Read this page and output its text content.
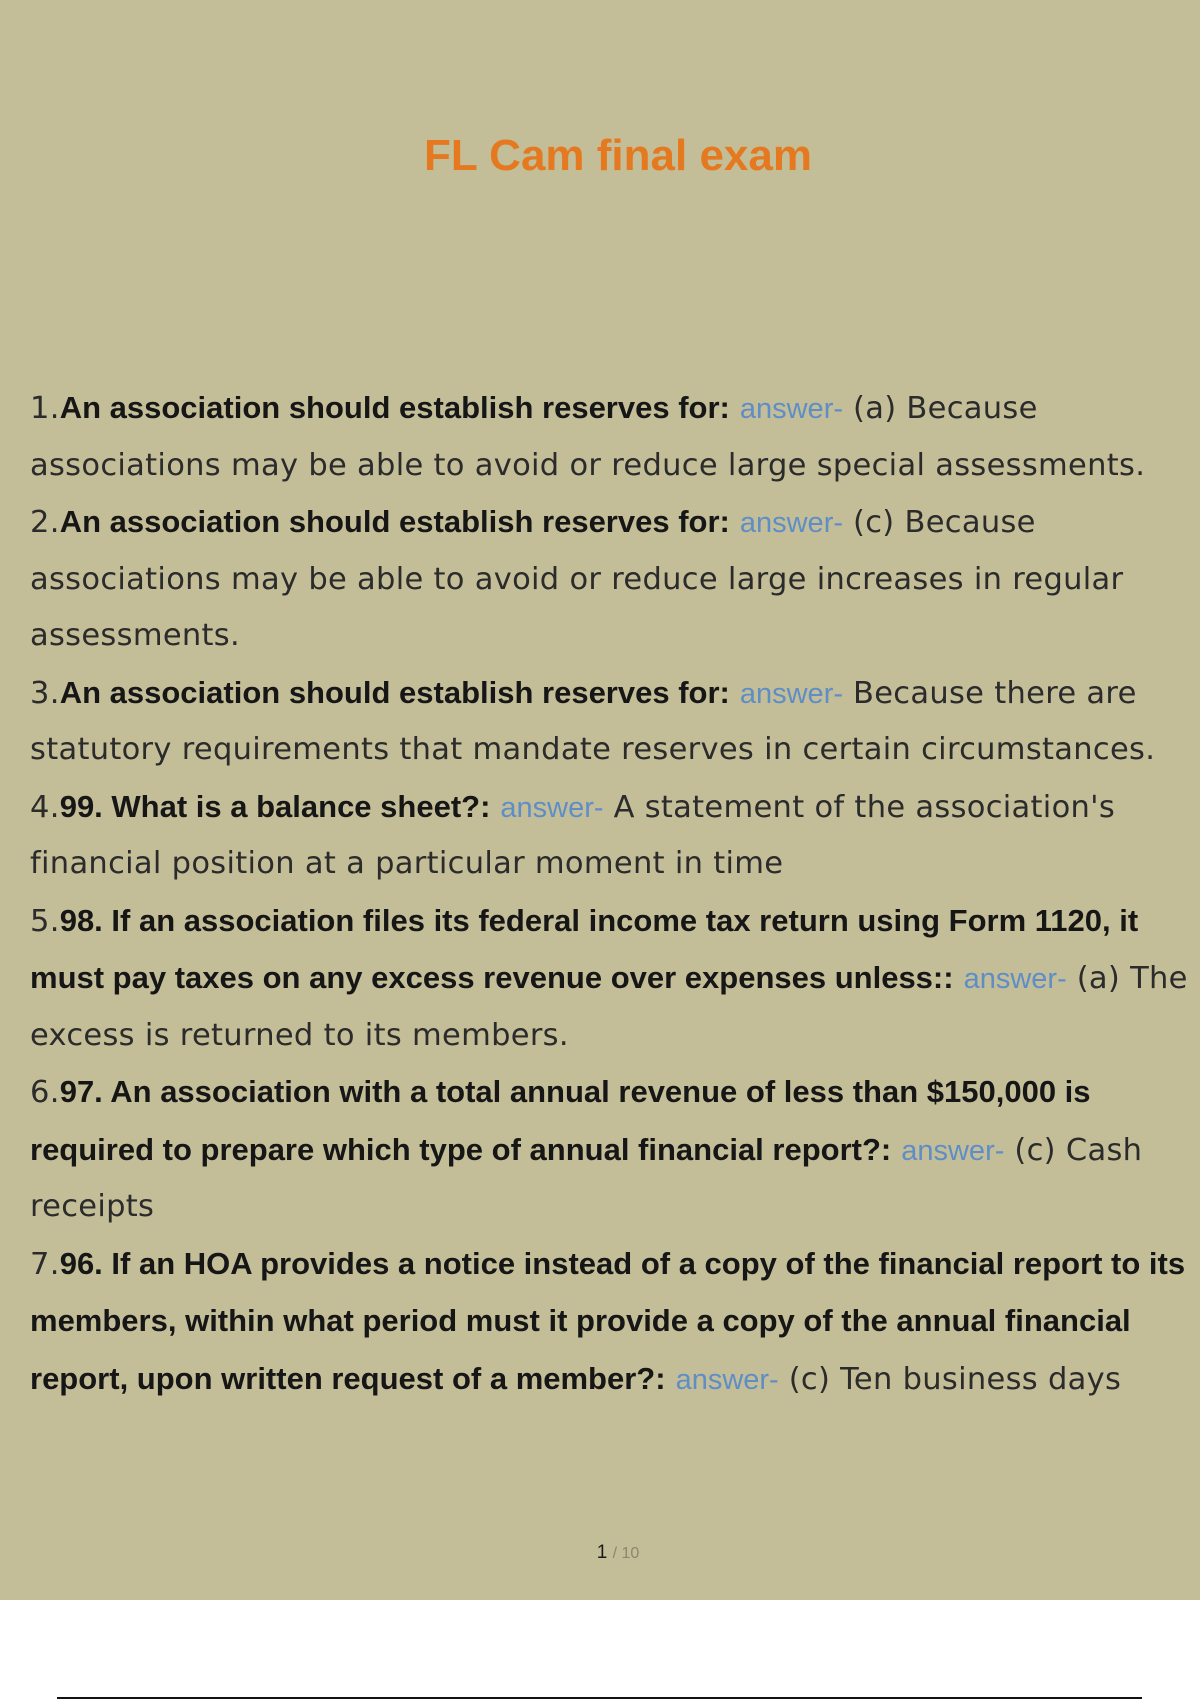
FL Cam final exam
1.An association should establish reserves for: answer- (a) Because associations may be able to avoid or reduce large special assessments.
2.An association should establish reserves for: answer- (c) Because associations may be able to avoid or reduce large increases in regular assessments.
3.An association should establish reserves for: answer- Because there are statutory requirements that mandate reserves in certain circumstances.
4.99. What is a balance sheet?: answer- A statement of the association's financial position at a particular moment in time
5.98. If an association files its federal income tax return using Form 1120, it must pay taxes on any excess revenue over expenses unless:: answer- (a) The excess is returned to its members.
6.97. An association with a total annual revenue of less than $150,000 is required to prepare which type of annual financial report?: answer- (c) Cash receipts
7.96. If an HOA provides a notice instead of a copy of the financial report to its members, within what period must it provide a copy of the annual financial report, upon written request of a member?: answer- (c) Ten business days
1 / 10
